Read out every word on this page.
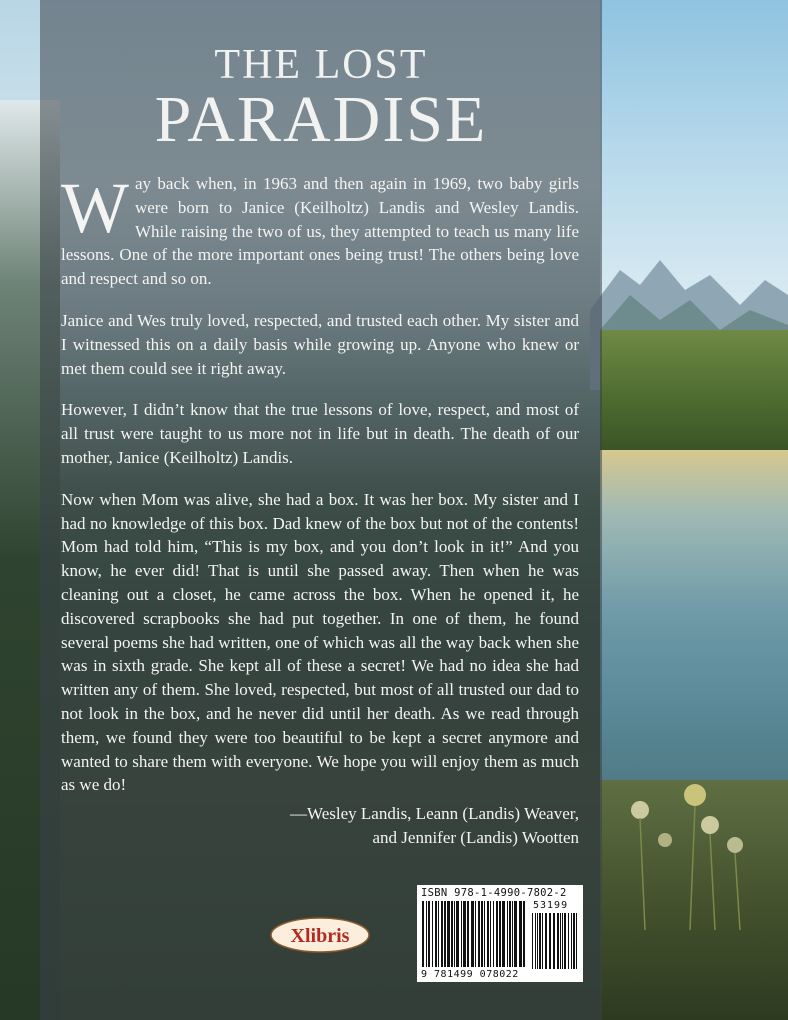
THE LOST
PARADISE

Way back when, in 1963 and then again in 1969, two baby girls were born to Janice (Keilholtz) Landis and Wesley Landis. While raising the two of us, they attempted to teach us many life lessons. One of the more important ones being trust! The others being love and respect and so on.

Janice and Wes truly loved, respected, and trusted each other. My sister and I witnessed this on a daily basis while growing up. Anyone who knew or met them could see it right away.

However, I didn’t know that the true lessons of love, respect, and most of all trust were taught to us more not in life but in death. The death of our mother, Janice (Keilholtz) Landis.

Now when Mom was alive, she had a box. It was her box. My sister and I had no knowledge of this box. Dad knew of the box but not of the contents! Mom had told him, “This is my box, and you don’t look in it!” And you know, he ever did! That is until she passed away. Then when he was cleaning out a closet, he came across the box. When he opened it, he discovered scrapbooks she had put together. In one of them, he found several poems she had written, one of which was all the way back when she was in sixth grade. She kept all of these a secret! We had no idea she had written any of them. She loved, respected, but most of all trusted our dad to not look in the box, and he never did until her death. As we read through them, we found they were too beautiful to be kept a secret anymore and wanted to share them with everyone. We hope you will enjoy them as much as we do!

—Wesley Landis, Leann (Landis) Weaver,
and Jennifer (Landis) Wootten
Xlibris
ISBN 978-1-4990-7802-2
53199
9 781499 078022
